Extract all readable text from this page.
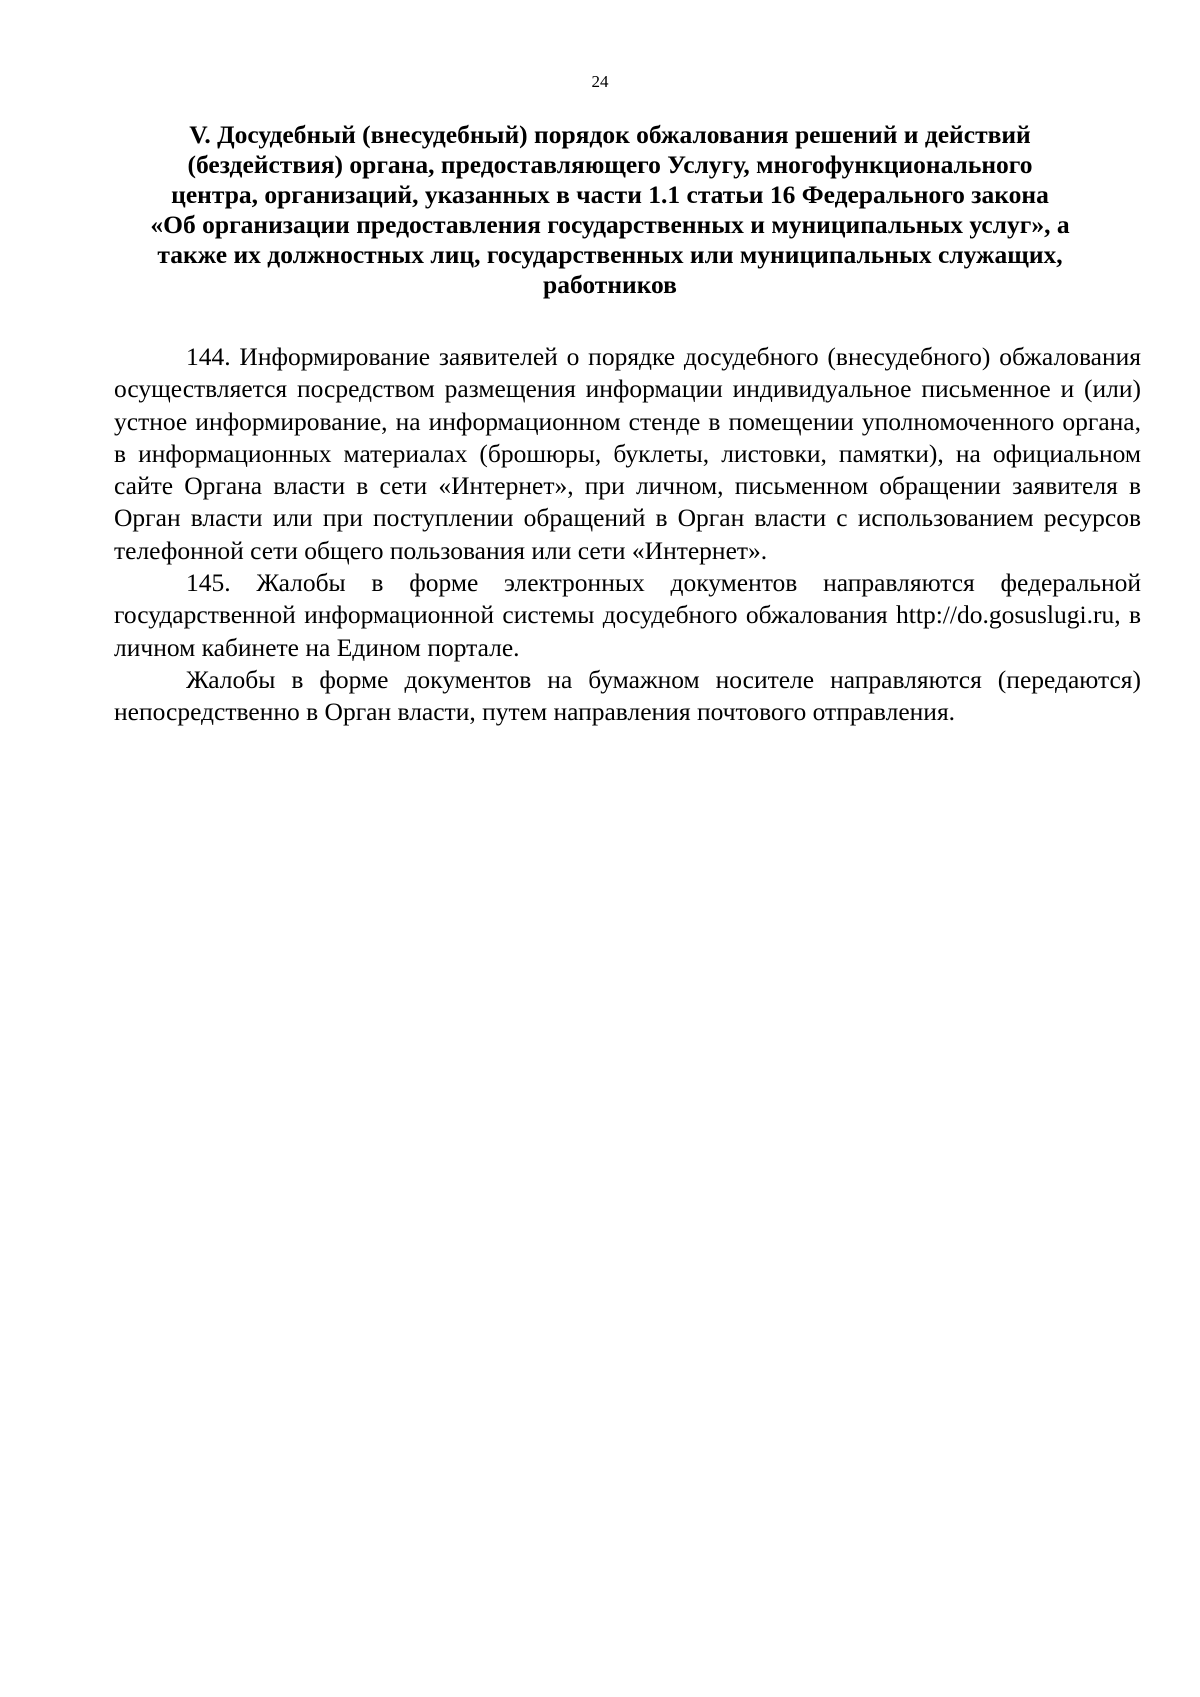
24
V. Досудебный (внесудебный) порядок обжалования решений и действий
(бездействия) органа, предоставляющего Услугу, многофункционального
центра, организаций, указанных в части 1.1 статьи 16 Федерального закона
«Об организации предоставления государственных и муниципальных услуг», а
также их должностных лиц, государственных или муниципальных служащих,
работников

144. Информирование заявителей о порядке досудебного (внесудебного) обжалования осуществляется посредством размещения информации индивидуальное письменное и (или) устное информирование, на информационном стенде в помещении уполномоченного органа, в информационных материалах (брошюры, буклеты, листовки, памятки), на официальном сайте Органа власти в сети «Интернет», при личном, письменном обращении заявителя в Орган власти или при поступлении обращений в Орган власти с использованием ресурсов телефонной сети общего пользования или сети «Интернет».

145. Жалобы в форме электронных документов направляются федеральной государственной информационной системы досудебного обжалования http://do.gosuslugi.ru, в личном кабинете на Едином портале.

Жалобы в форме документов на бумажном носителе направляются (передаются) непосредственно в Орган власти, путем направления почтового отправления.
